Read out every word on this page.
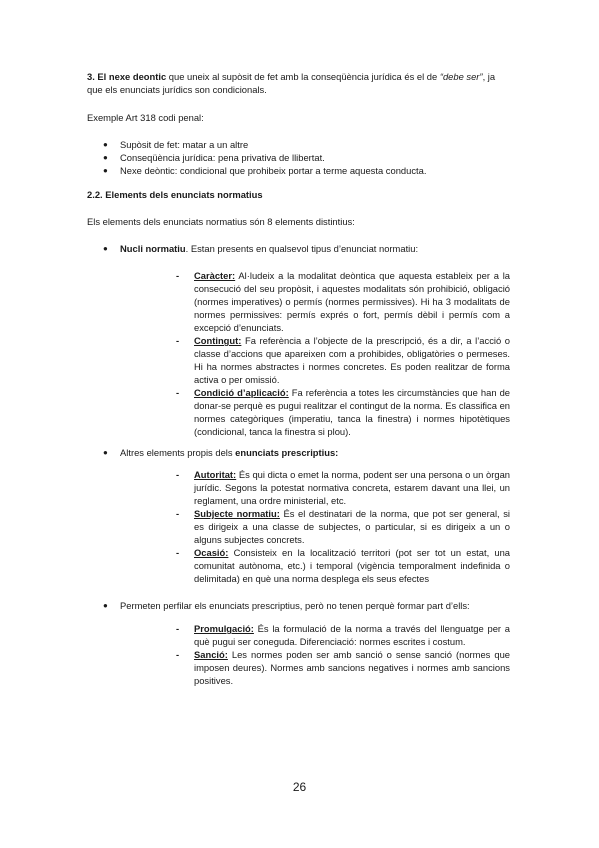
3. El nexe deontic que uneix al supòsit de fet amb la conseqüència jurídica és el de “debe ser”, ja que els enunciats jurídics son condicionals.
Exemple Art 318 codi penal:
● Supòsit de fet: matar a un altre
● Conseqüència jurídica: pena privativa de llibertat.
● Nexe deòntic: condicional que prohibeix portar a terme aquesta conducta.
2.2. Elements dels enunciats normatius
Els elements dels enunciats normatius són 8 elements distintius:
● Nucli normatiu. Estan presents en qualsevol tipus d’enunciat normatiu:
- Caràcter: Al·ludeix a la modalitat deòntica que aquesta estableix per a la consecució del seu propòsit, i aquestes modalitats són prohibició, obligació (normes imperatives) o permís (normes permissives). Hi ha 3 modalitats de normes permissives: permís exprés o fort, permís dèbil i permís com a excepció d’enunciats.
- Contingut: Fa referència a l’objecte de la prescripció, és a dir, a l’acció o classe d’accions que apareixen com a prohibides, obligatòries o permeses. Hi ha normes abstractes i normes concretes. Es poden realitzar de forma activa o per omissió.
- Condició d’aplicació: Fa referència a totes les circumstàncies que han de donar-se perquè es pugui realitzar el contingut de la norma. Es classifica en normes categòriques (imperatiu, tanca la finestra) i normes hipotètiques (condicional, tanca la finestra si plou).
● Altres elements propis dels enunciats prescriptius:
- Autoritat: És qui dicta o emet la norma, podent ser una persona o un òrgan jurídic. Segons la potestat normativa concreta, estarem davant una llei, un reglament, una ordre ministerial, etc.
- Subjecte normatiu: És el destinatari de la norma, que pot ser general, si es dirigeix a una classe de subjectes, o particular, si es dirigeix a un o alguns subjectes concrets.
- Ocasió: Consisteix en la localització territori (pot ser tot un estat, una comunitat autònoma, etc.) i temporal (vigència temporalment indefinida o delimitada) en què una norma desplega els seus efectes
● Permeten perfilar els enunciats prescriptius, però no tenen perquè formar part d’ells:
- Promulgació: És la formulació de la norma a través del llenguatge per a què pugui ser coneguda. Diferenciació: normes escrites i costum.
- Sanció: Les normes poden ser amb sanció o sense sanció (normes que imposen deures). Normes amb sancions negatives i normes amb sancions positives.
26
